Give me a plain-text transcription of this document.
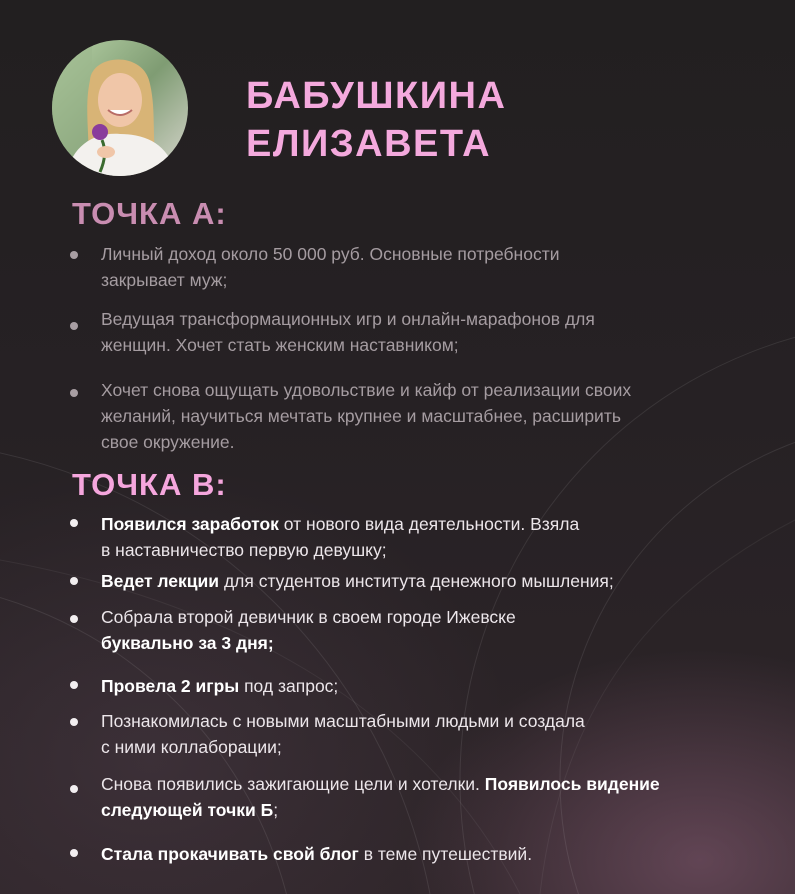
БАБУШКИНА
ЕЛИЗАВЕТА
ТОЧКА А:
Личный доход около 50 000 руб. Основные потребности
закрывает муж;
Ведущая трансформационных игр и онлайн-марафонов для
женщин. Хочет стать женским наставником;
Хочет снова ощущать удовольствие и кайф от реализации своих
желаний, научиться мечтать крупнее и масштабнее, расширить
свое окружение.
ТОЧКА В:
Появился заработок от нового вида деятельности. Взяла
в наставничество первую девушку;
Ведет лекции для студентов института денежного мышления;
Собрала второй девичник в своем городе Ижевске
буквально за 3 дня;
Провела 2 игры под запрос;
Познакомилась с новыми масштабными людьми и создала
с ними коллаборации;
Снова появились зажигающие цели и хотелки. Появилось видение
следующей точки Б;
Стала прокачивать свой блог в теме путешествий.
